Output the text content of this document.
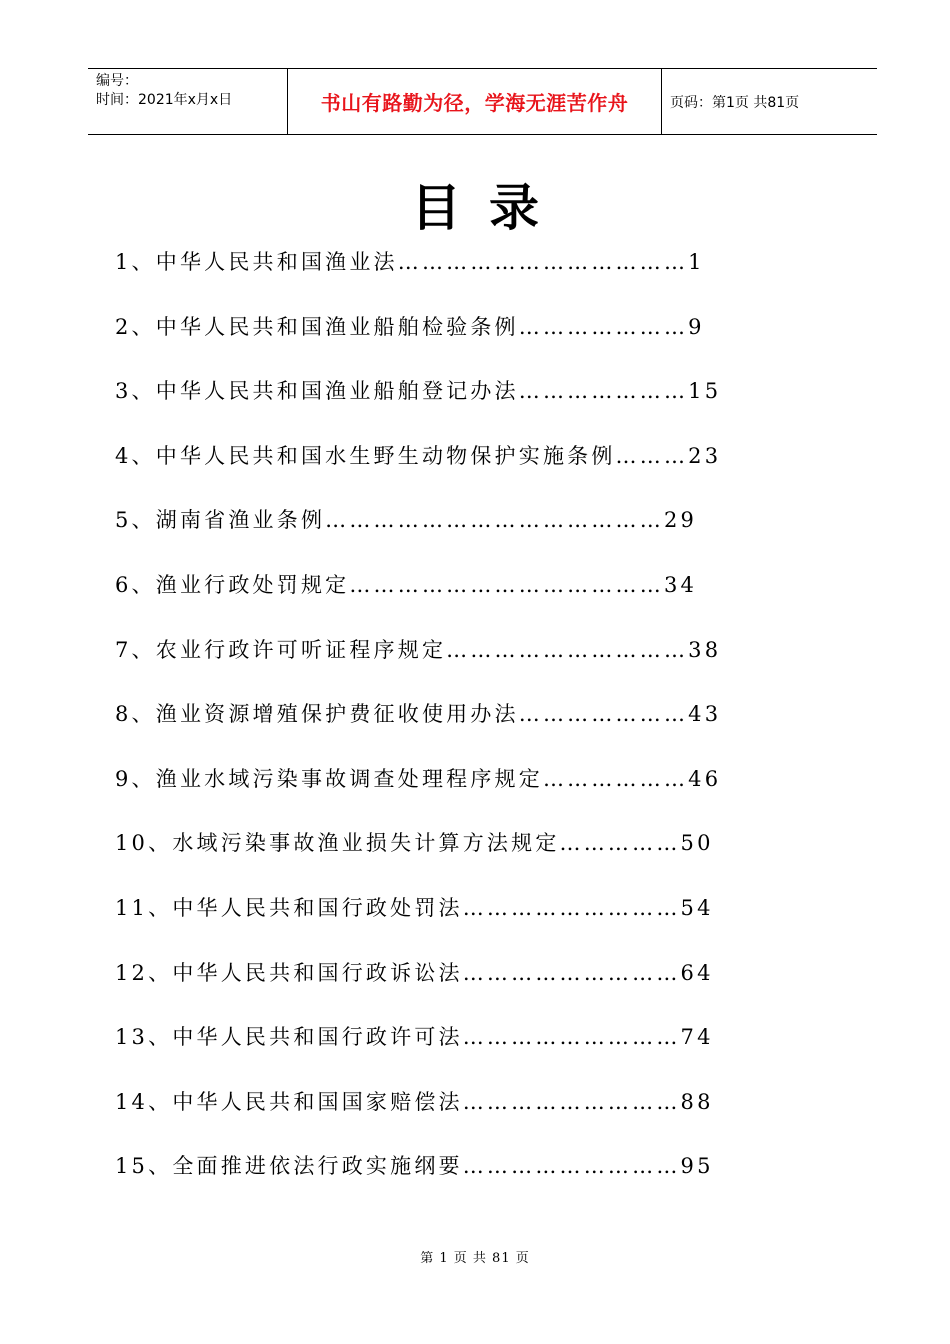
编号：
时间：2021年x月x日	书山有路勤为径，学海无涯苦作舟	页码：第1页 共81页
目录
1、中华人民共和国渔业法………………………………1
2、中华人民共和国渔业船舶检验条例…………………9
3、中华人民共和国渔业船舶登记办法…………………15
4、中华人民共和国水生野生动物保护实施条例………23
5、湖南省渔业条例……………………………………29
6、渔业行政处罚规定…………………………………34
7、农业行政许可听证程序规定…………………………38
8、渔业资源增殖保护费征收使用办法…………………43
9、渔业水域污染事故调查处理程序规定………………46
10、水域污染事故渔业损失计算方法规定……………50
11、中华人民共和国行政处罚法………………………54
12、中华人民共和国行政诉讼法………………………64
13、中华人民共和国行政许可法………………………74
14、中华人民共和国国家赔偿法………………………88
15、全面推进依法行政实施纲要………………………95
第 1 页 共 81 页
